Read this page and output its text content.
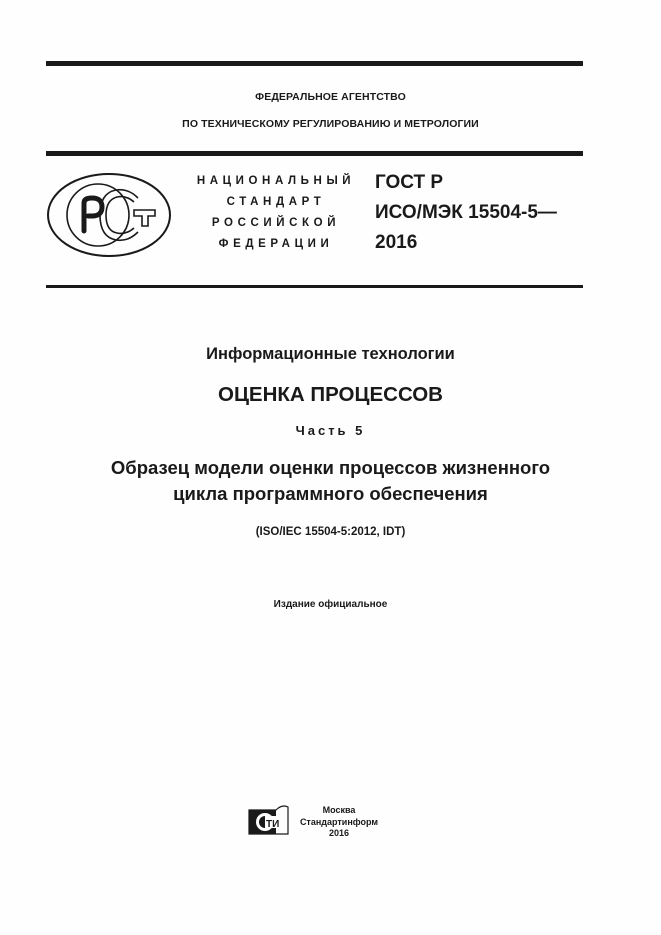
ФЕДЕРАЛЬНОЕ АГЕНТСТВО
ПО ТЕХНИЧЕСКОМУ РЕГУЛИРОВАНИЮ И МЕТРОЛОГИИ
НАЦИОНАЛЬНЫЙ
СТАНДАРТ
РОССИЙСКОЙ
ФЕДЕРАЦИИ
ГОСТ Р
ИСО/МЭК 15504-5—
2016
Информационные технологии
ОЦЕНКА ПРОЦЕССОВ
Часть 5
Образец модели оценки процессов жизненного
цикла программного обеспечения
(ISO/IEC 15504-5:2012, IDT)
Издание официальное
ТИ
Москва
Стандартинформ
2016
